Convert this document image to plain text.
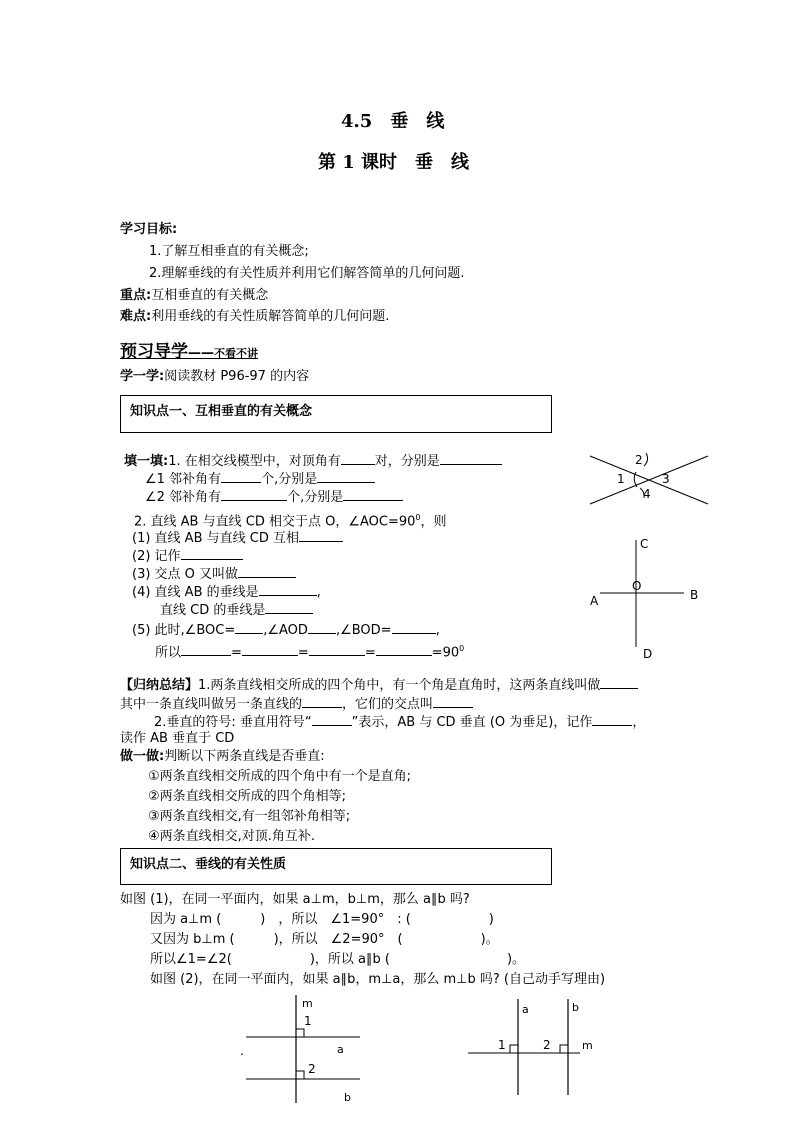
4.5　垂　线
第 1 课时　垂　线
学习目标:
1.了解互相垂直的有关概念;
2.理解垂线的有关性质并利用它们解答简单的几何问题.
重点:互相垂直的有关概念
难点:利用垂线的有关性质解答简单的几何问题.
预习导学——不看不讲
学一学:阅读教材 P96-97 的内容
知识点一、互相垂直的有关概念
填一填:1. 在相交线模型中，对顶角有	对，分别是
∠1 邻补角有	个,分别是
∠2 邻补角有	个,分别是
2. 直线 AB 与直线 CD 相交于点 O，$\angle AOC=90^0$，则
(1) 直线 AB 与直线 CD 互相
(2) 记作
(3) 交点 O 又叫做
(4) 直线 AB 的垂线是	,
直线 CD 的垂线是
(5) 此时,∠BOC= ,∠AOD ,∠BOD=	,
所以	=	=	=	$=90^0$
2
1	3
4
C
A	B
O
D
【归纳总结】1.两条直线相交所成的四个角中，有一个角是直角时，这两条直线叫做
其中一条直线叫做另一条直线的	，它们的交点叫
2.垂直的符号: 垂直用符号“	”表示，AB 与 CD 垂直 (O 为垂足)，记作	，
读作 AB 垂直于 CD
做一做:判断以下两条直线是否垂直:
①两条直线相交所成的四个角中有一个是直角;
②两条直线相交所成的四个角相等;
③两条直线相交,有一组邻补角相等;
④两条直线相交,对顶.角互补.
知识点二、垂线的有关性质
如图 (1)，在同一平面内，如果 a⊥m，b⊥m，那么 a∥b 吗?
因为 a⊥m (　　　)　，所以　∠1=90°　: (　　　　　　)
又因为 b⊥m (　　　)，所以　∠2=90°　(　　　　　　)。
所以∠1=∠2(　　　　　　)，所以 a∥b (　　　　　　　　　)。
如图 (2)，在同一平面内，如果 a∥b，m⊥a，那么 m⊥b 吗? (自己动手写理由)
m
1
a
2
b
.
a	b
m
1	2
